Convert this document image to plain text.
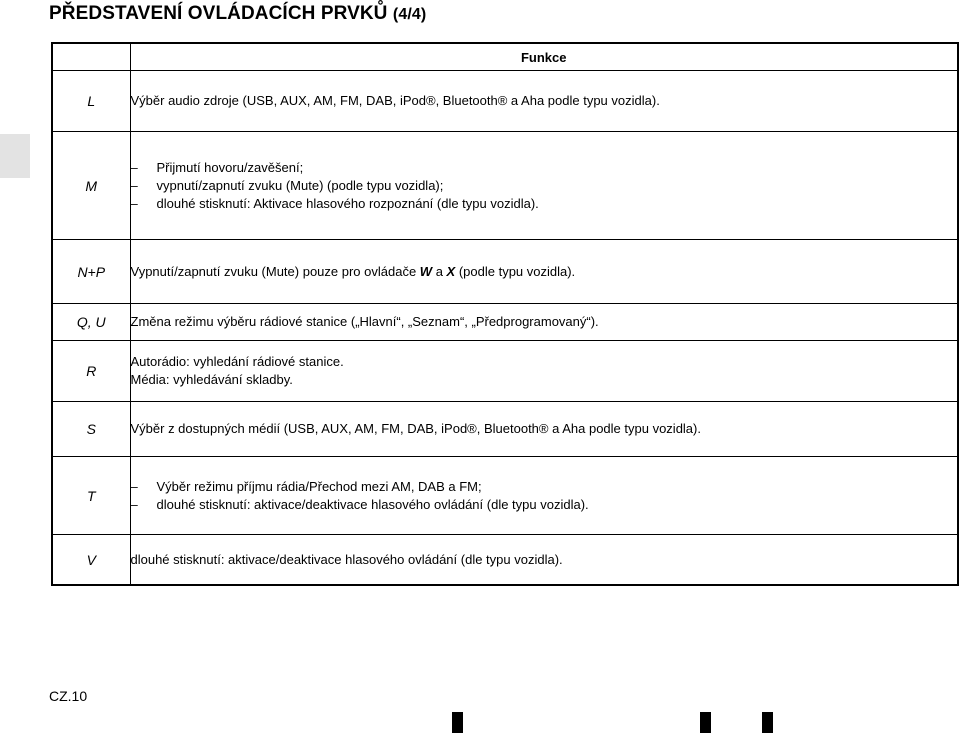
PŘEDSTAVENÍ OVLÁDACÍCH PRVKŮ (4/4)
	Funkce
L	Výběr audio zdroje (USB, AUX, AM, FM, DAB, iPod®, Bluetooth® a Aha podle typu vozidla).

M	– Přijmutí hovoru/zavěšení;
– vypnutí/zapnutí zvuku (Mute) (podle typu vozidla);
– dlouhé stisknutí: Aktivace hlasového rozpoznání (dle typu vozidla).

N+P	Vypnutí/zapnutí zvuku (Mute) pouze pro ovládače W a X (podle typu vozidla).

Q, U	Změna režimu výběru rádiové stanice („Hlavní“, „Seznam“, „Předprogramovaný“).

R	Autorádio: vyhledání rádiové stanice.
Média: vyhledávání skladby.

S	Výběr z dostupných médií (USB, AUX, AM, FM, DAB, iPod®, Bluetooth® a Aha podle typu vozidla).

T	– Výběr režimu příjmu rádia/Přechod mezi AM, DAB a FM;
– dlouhé stisknutí: aktivace/deaktivace hlasového ovládání (dle typu vozidla).

V	dlouhé stisknutí: aktivace/deaktivace hlasového ovládání (dle typu vozidla).
CZ.10
